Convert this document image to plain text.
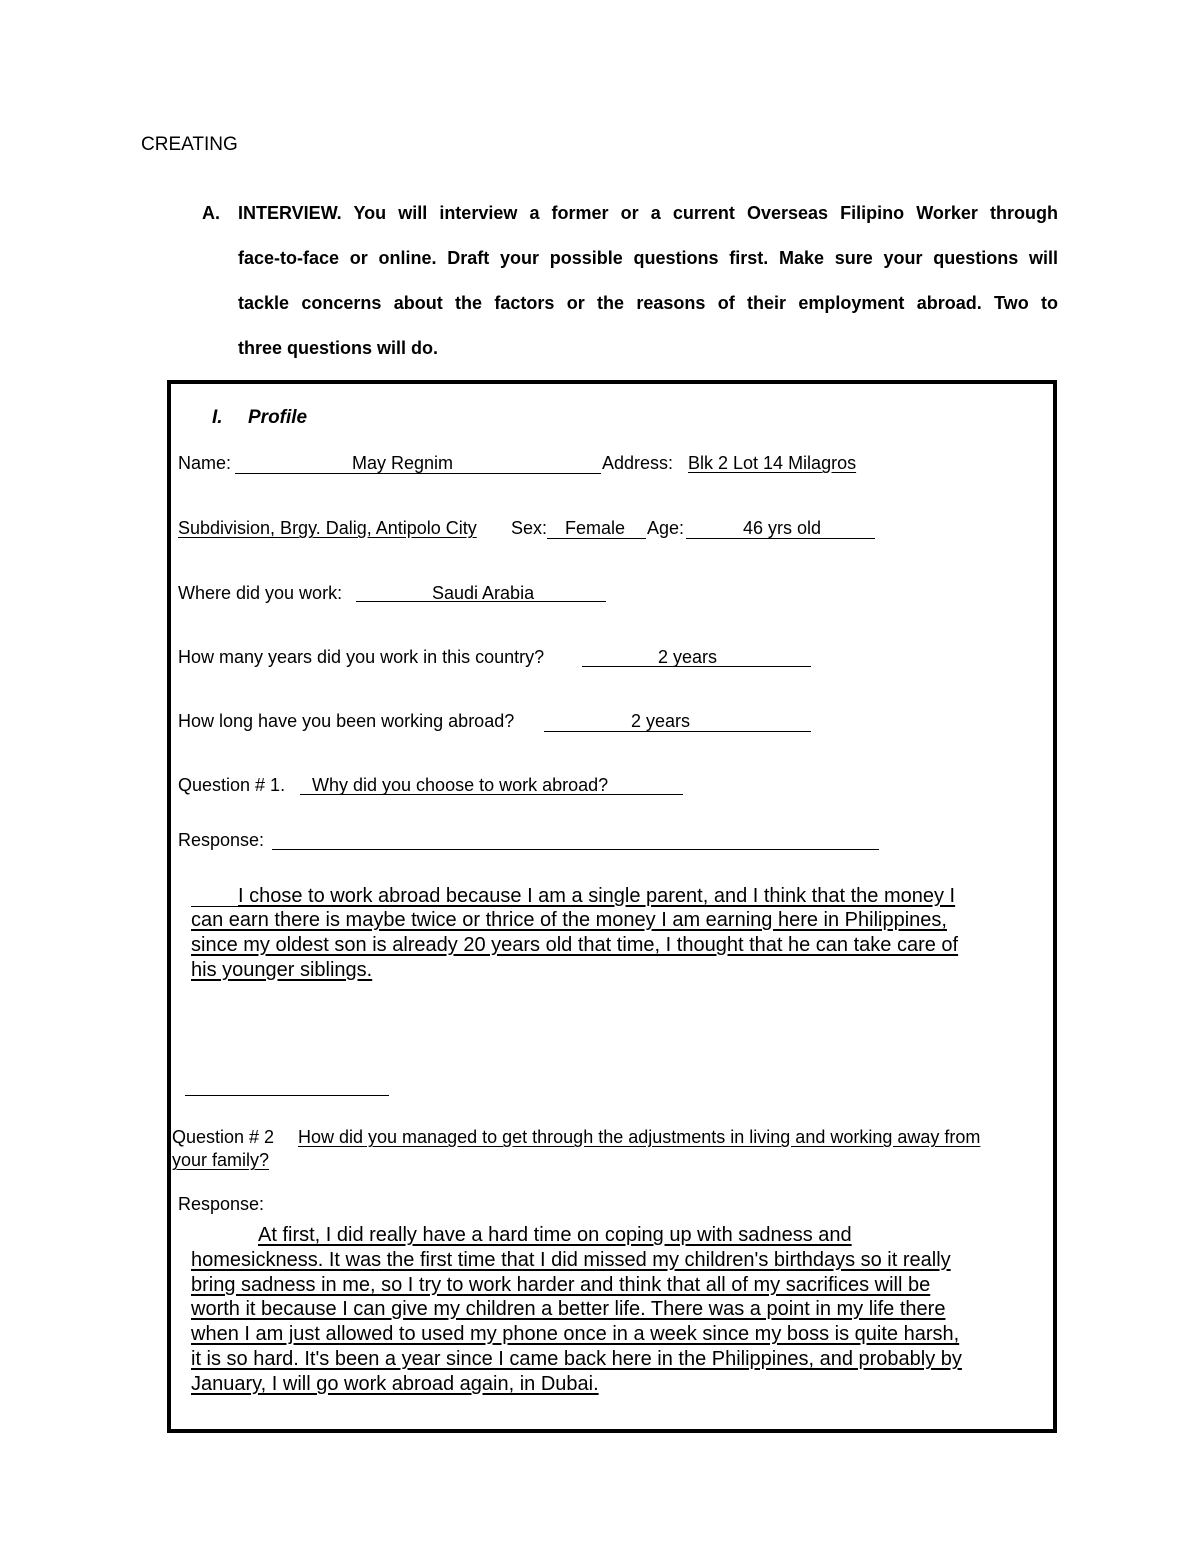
CREATING
A. INTERVIEW. You will interview a former or a current Overseas Filipino Worker through
face-to-face or online. Draft your possible questions first. Make sure your questions will
tackle concerns about the factors or the reasons of their employment abroad. Two to
three questions will do.
I. Profile
Name:	May Regnim	Address: Blk 2 Lot 14 Milagros
Subdivision, Brgy. Dalig, Antipolo City Sex: Female Age:	46 yrs old
Where did you work:	Saudi Arabia
How many years did you work in this country?	2 years
How long have you been working abroad?	2 years
Question # 1. Why did you choose to work abroad?
Response:
I chose to work abroad because I am a single parent, and I think that the money I
can earn there is maybe twice or thrice of the money I am earning here in Philippines,
since my oldest son is already 20 years old that time, I thought that he can take care of
his younger siblings.
Question # 2 How did you managed to get through the adjustments in living and working away from
your family?
Response:
At first, I did really have a hard time on coping up with sadness and
homesickness. It was the first time that I did missed my children's birthdays so it really
bring sadness in me, so I try to work harder and think that all of my sacrifices will be
worth it because I can give my children a better life. There was a point in my life there
when I am just allowed to used my phone once in a week since my boss is quite harsh,
it is so hard. It's been a year since I came back here in the Philippines, and probably by
January, I will go work abroad again, in Dubai.
